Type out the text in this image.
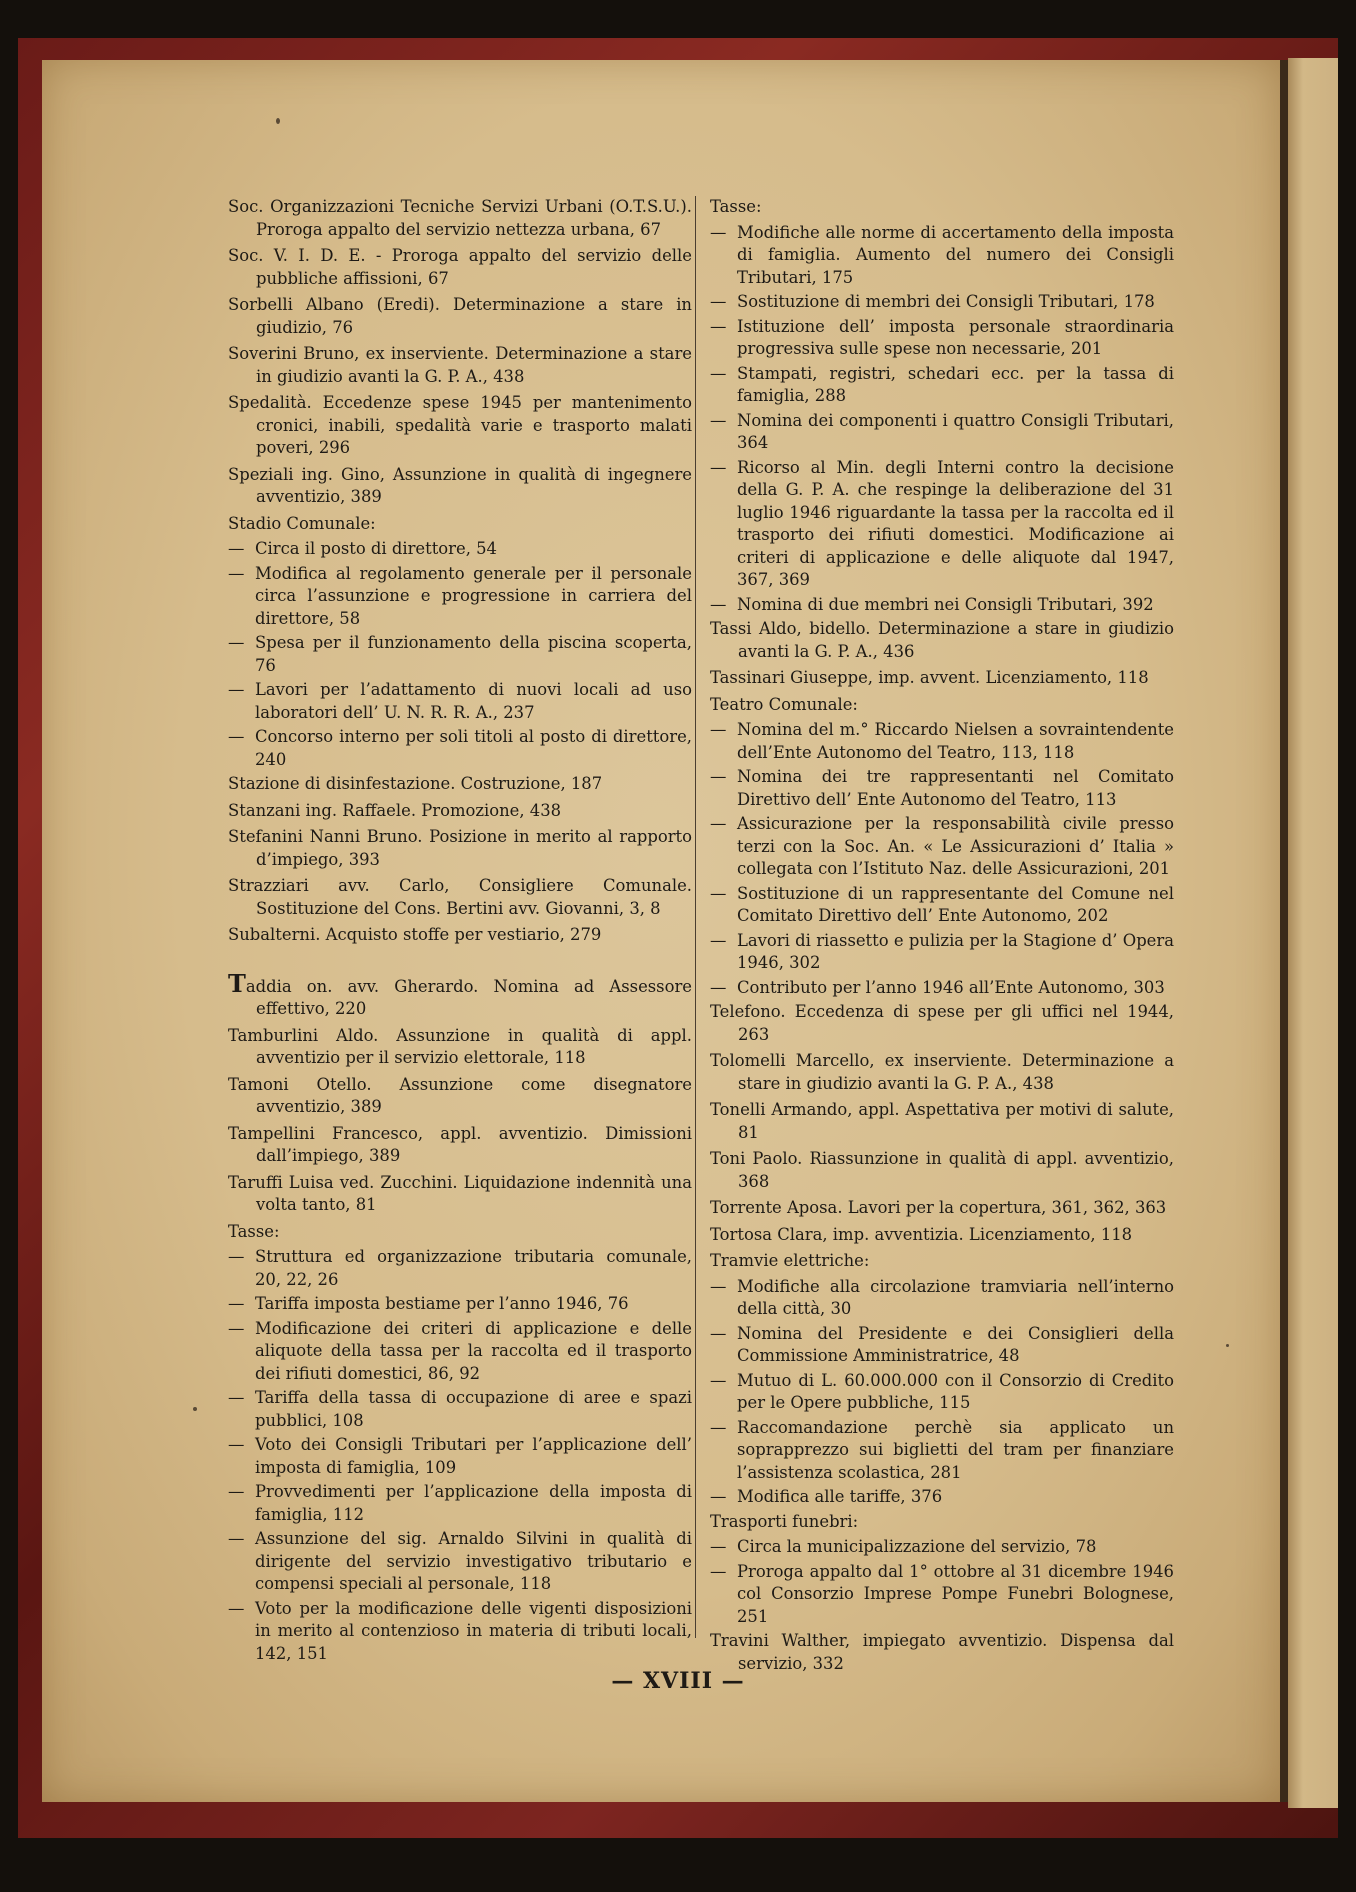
Soc. Organizzazioni Tecniche Servizi Urbani (O.T.S.U.). Proroga appalto del servizio nettezza urbana, 67
Soc. V. I. D. E. - Proroga appalto del servizio delle pubbliche affissioni, 67
Sorbelli Albano (Eredi). Determinazione a stare in giudizio, 76
Soverini Bruno, ex inserviente. Determinazione a stare in giudizio avanti la G. P. A., 438
Spedalità. Eccedenze spese 1945 per mantenimento cronici, inabili, spedalità varie e trasporto malati poveri, 296
Speziali ing. Gino, Assunzione in qualità di ingegnere avventizio, 389
Stadio Comunale:
— Circa il posto di direttore, 54
— Modifica al regolamento generale per il personale circa l’assunzione e progressione in carriera del direttore, 58
— Spesa per il funzionamento della piscina scoperta, 76
— Lavori per l’adattamento di nuovi locali ad uso laboratori dell’ U. N. R. R. A., 237
— Concorso interno per soli titoli al posto di direttore, 240
Stazione di disinfestazione. Costruzione, 187
Stanzani ing. Raffaele. Promozione, 438
Stefanini Nanni Bruno. Posizione in merito al rapporto d’impiego, 393
Strazziari avv. Carlo, Consigliere Comunale. Sostituzione del Cons. Bertini avv. Giovanni, 3, 8
Subalterni. Acquisto stoffe per vestiario, 279
Taddia on. avv. Gherardo. Nomina ad Assessore effettivo, 220
Tamburlini Aldo. Assunzione in qualità di appl. avventizio per il servizio elettorale, 118
Tamoni Otello. Assunzione come disegnatore avventizio, 389
Tampellini Francesco, appl. avventizio. Dimissioni dall’impiego, 389
Taruffi Luisa ved. Zucchini. Liquidazione indennità una volta tanto, 81
Tasse:
— Struttura ed organizzazione tributaria comunale, 20, 22, 26
— Tariffa imposta bestiame per l’anno 1946, 76
— Modificazione dei criteri di applicazione e delle aliquote della tassa per la raccolta ed il trasporto dei rifiuti domestici, 86, 92
— Tariffa della tassa di occupazione di aree e spazi pubblici, 108
— Voto dei Consigli Tributari per l’applicazione dell’ imposta di famiglia, 109
— Provvedimenti per l’applicazione della imposta di famiglia, 112
— Assunzione del sig. Arnaldo Silvini in qualità di dirigente del servizio investigativo tributario e compensi speciali al personale, 118
— Voto per la modificazione delle vigenti disposizioni in merito al contenzioso in materia di tributi locali, 142, 151
Tasse:
— Modifiche alle norme di accertamento della imposta di famiglia. Aumento del numero dei Consigli Tributari, 175
— Sostituzione di membri dei Consigli Tributari, 178
— Istituzione dell’ imposta personale straordinaria progressiva sulle spese non necessarie, 201
— Stampati, registri, schedari ecc. per la tassa di famiglia, 288
— Nomina dei componenti i quattro Consigli Tributari, 364
— Ricorso al Min. degli Interni contro la decisione della G. P. A. che respinge la deliberazione del 31 luglio 1946 riguardante la tassa per la raccolta ed il trasporto dei rifiuti domestici. Modificazione ai criteri di applicazione e delle aliquote dal 1947, 367, 369
— Nomina di due membri nei Consigli Tributari, 392
Tassi Aldo, bidello. Determinazione a stare in giudizio avanti la G. P. A., 436
Tassinari Giuseppe, imp. avvent. Licenziamento, 118
Teatro Comunale:
— Nomina del m.° Riccardo Nielsen a sovraintendente dell’Ente Autonomo del Teatro, 113, 118
— Nomina dei tre rappresentanti nel Comitato Direttivo dell’ Ente Autonomo del Teatro, 113
— Assicurazione per la responsabilità civile presso terzi con la Soc. An. « Le Assicurazioni d’ Italia » collegata con l’Istituto Naz. delle Assicurazioni, 201
— Sostituzione di un rappresentante del Comune nel Comitato Direttivo dell’ Ente Autonomo, 202
— Lavori di riassetto e pulizia per la Stagione d’ Opera 1946, 302
— Contributo per l’anno 1946 all’Ente Autonomo, 303
Telefono. Eccedenza di spese per gli uffici nel 1944, 263
Tolomelli Marcello, ex inserviente. Determinazione a stare in giudizio avanti la G. P. A., 438
Tonelli Armando, appl. Aspettativa per motivi di salute, 81
Toni Paolo. Riassunzione in qualità di appl. avventizio, 368
Torrente Aposa. Lavori per la copertura, 361, 362, 363
Tortosa Clara, imp. avventizia. Licenziamento, 118
Tramvie elettriche:
— Modifiche alla circolazione tramviaria nell’interno della città, 30
— Nomina del Presidente e dei Consiglieri della Commissione Amministratrice, 48
— Mutuo di L. 60.000.000 con il Consorzio di Credito per le Opere pubbliche, 115
— Raccomandazione perchè sia applicato un soprapprezzo sui biglietti del tram per finanziare l’assistenza scolastica, 281
— Modifica alle tariffe, 376
Trasporti funebri:
— Circa la municipalizzazione del servizio, 78
— Proroga appalto dal 1° ottobre al 31 dicembre 1946 col Consorzio Imprese Pompe Funebri Bolognese, 251
Travini Walther, impiegato avventizio. Dispensa dal servizio, 332
— XVIII —
